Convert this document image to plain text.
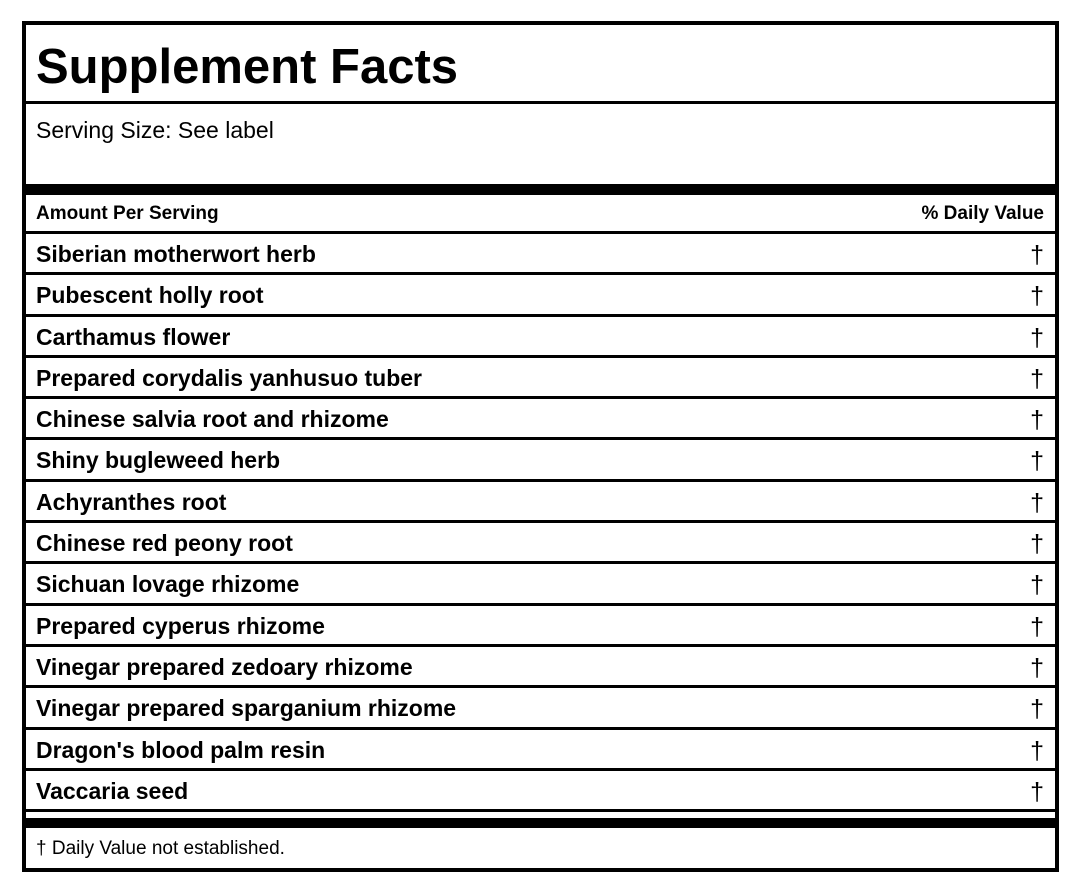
Supplement Facts
Serving Size: See label
Amount Per Serving	% Daily Value
Siberian motherwort herb	†
Pubescent holly root	†
Carthamus flower	†
Prepared corydalis yanhusuo tuber	†
Chinese salvia root and rhizome	†
Shiny bugleweed herb	†
Achyranthes root	†
Chinese red peony root	†
Sichuan lovage rhizome	†
Prepared cyperus rhizome	†
Vinegar prepared zedoary rhizome	†
Vinegar prepared sparganium rhizome	†
Dragon's blood palm resin	†
Vaccaria seed	†
† Daily Value not established.
